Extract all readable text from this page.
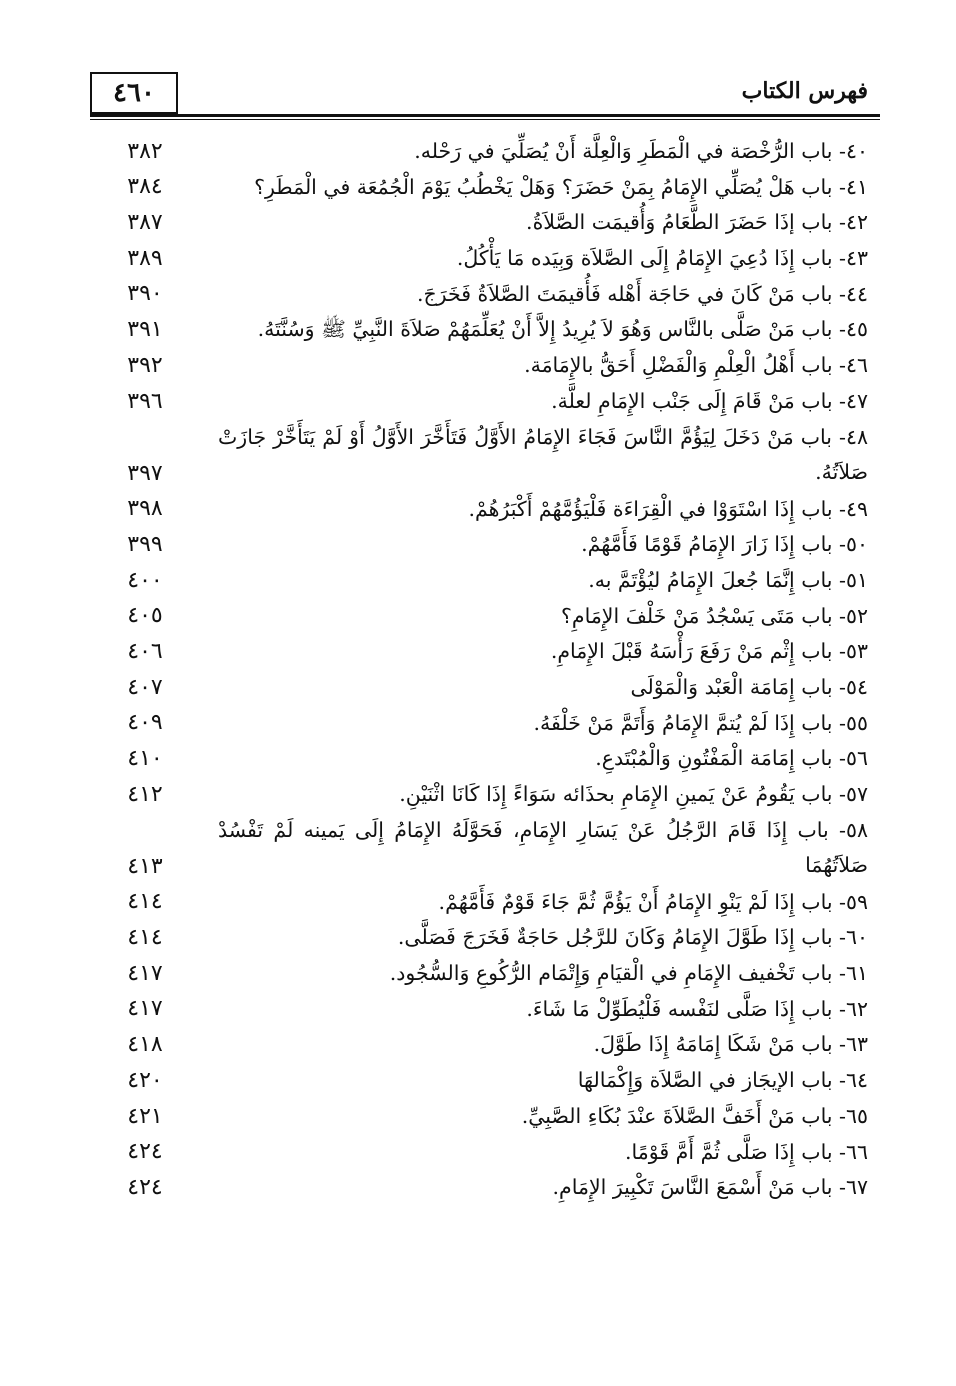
٤٦٠	فهرس الكتاب
٤٠- باب الرُّخْصَة في الْمَطَرِ وَالْعِلَّة أَنْ يُصَلِّيَ في رَحْله.
٣٨٢
٤١- باب هَلْ يُصَلِّي الإِمَامُ بِمَنْ حَضَرَ؟ وَهَلْ يَخْطُبُ يَوْمَ الْجُمُعَة في الْمَطَرِ؟
٣٨٤
٤٢- باب إذَا حَضَرَ الطَّعَامُ وَأُقيمَت الصَّلاَةُ.
٣٨٧
٤٣- باب إِذَا دُعِيَ الإِمَامُ إِلَى الصَّلاَة وَبِيَده مَا يَأْكُلُ.
٣٨٩
٤٤- باب مَنْ كَانَ في حَاجَة أَهْله فَأُقيمَتَ الصَّلاَةُ فَخَرَجَ.
٣٩٠
٤٥- باب مَنْ صَلَّى بالنَّاس وَهُوَ لاَ يُرِيدُ إِلاَّ أَنْ يُعَلِّمَهُمْ صَلاَةَ النَّبِيِّ ﷺ وَسُنَّتَهُ.
٣٩١
٤٦- باب أَهْلُ الْعِلْمِ وَالْفَضْلِ أَحَقُّ بالإِمَامَة.
٣٩٢
٤٧- باب مَنْ قَامَ إِلَى جَنْب الإِمَامِ لعلَّة.
٣٩٦
٤٨- باب مَنْ دَخَلَ لِيَؤُمَّ النَّاسَ فَجَاءَ الإِمَامُ الأَوَّلُ فَتَأَخَّرَ الأَوَّلُ أَوْ لَمْ يَتَأَخَّرْ جَازَتْ صَلاَتُهُ.
٣٩٧
٤٩- باب إِذَا اسْتَوَوْا في الْقِرَاءَة فَلْيَؤُمَّهُمْ أَكْبَرُهُمْ.
٣٩٨
٥٠- باب إِذَا زَارَ الإِمَامُ قَوْمًا فَأَمَّهُمْ.
٣٩٩
٥١- باب إِنَّمَا جُعلَ الإِمَامُ ليُؤْتَمَّ به.
٤٠٠
٥٢- باب مَتَى يَسْجُدُ مَنْ خَلْفَ الإِمَامِ؟
٤٠٥
٥٣- باب إِثْم مَنْ رَفَعَ رَأْسَهُ قَبْلَ الإِمَامِ.
٤٠٦
٥٤- باب إِمَامَة الْعَبْد وَالْمَوْلَى
٤٠٧
٥٥- باب إِذَا لَمْ يُتمَّ الإِمَامُ وَأَتَمَّ مَنْ خَلْفَهُ.
٤٠٩
٥٦- باب إِمَامَة الْمَفْتُونِ وَالْمُبْتَدعِ.
٤١٠
٥٧- باب يَقُومُ عَنْ يَمينِ الإِمَامِ بحذَائه سَوَاءً إِذَا كَانَا اثْنَيْنِ.
٤١٢
٥٨- باب إِذَا قَامَ الرَّجُلُ عَنْ يَسَارِ الإِمَامِ، فَحَوَّلَهُ الإِمَامُ إِلَى يَمينه لَمْ تَفْسُدْ صَلاَتُهُمَا
٤١٣
٥٩- باب إِذَا لَمْ يَنْوِ الإِمَامُ أَنْ يَؤُمَّ ثُمَّ جَاءَ قَوْمٌ فَأَمَّهُمْ.
٤١٤
٦٠- باب إِذَا طَوَّلَ الإِمَامُ وَكَانَ للرَّجُل حَاجَةٌ فَخَرَجَ فَصَلَّى.
٤١٤
٦١- باب تَخْفيف الإِمَامِ في الْقيَامِ وَإِتْمَام الرُّكُوعِ وَالسُّجُود.
٤١٧
٦٢- باب إِذَا صَلَّى لنَفْسه فَلْيُطَوِّلْ مَا شَاءَ.
٤١٧
٦٣- باب مَنْ شَكَا إِمَامَهُ إِذَا طَوَّلَ.
٤١٨
٦٤- باب الإيجَاز في الصَّلاَة وَإِكْمَالهَا
٤٢٠
٦٥- باب مَنْ أَخَفَّ الصَّلاَةَ عنْدَ بُكَاءِ الصَّبِيِّ.
٤٢١
٦٦- باب إِذَا صَلَّى ثُمَّ أَمَّ قَوْمًا.
٤٢٤
٦٧- باب مَنْ أَسْمَعَ النَّاسَ تَكْبِيرَ الإِمَامِ.
٤٢٤
